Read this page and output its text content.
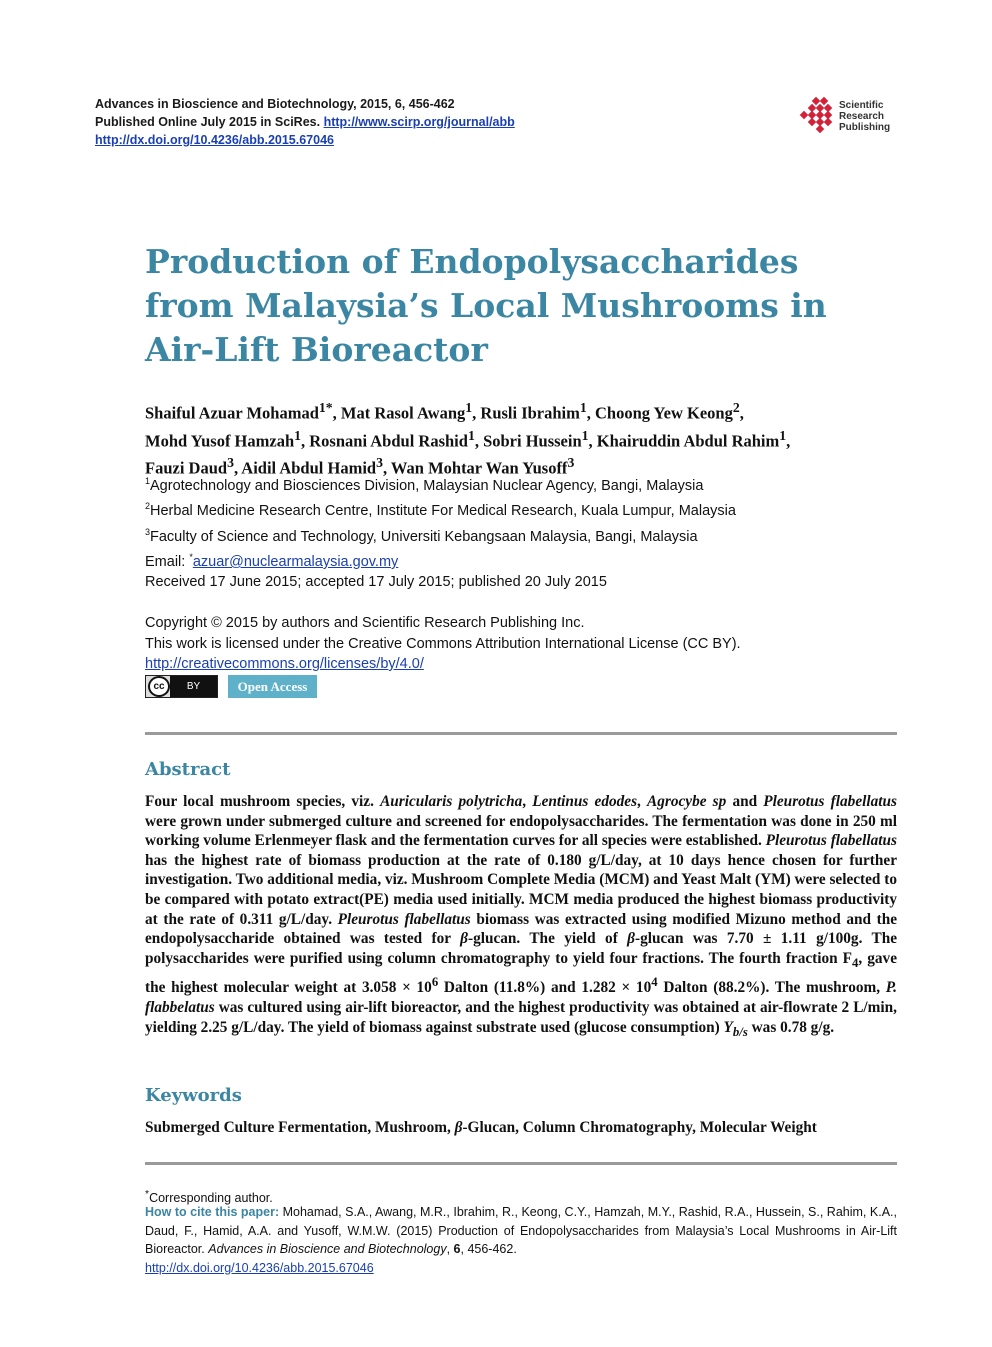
Advances in Bioscience and Biotechnology, 2015, 6, 456-462
Published Online July 2015 in SciRes. http://www.scirp.org/journal/abb
http://dx.doi.org/10.4236/abb.2015.67046
Scientific
Research
Publishing
Production of Endopolysaccharides from Malaysia’s Local Mushrooms in Air-Lift Bioreactor
Shaiful Azuar Mohamad$^{1*}$, Mat Rasol Awang$^1$, Rusli Ibrahim$^1$, Choong Yew Keong$^2$,
Mohd Yusof Hamzah$^1$, Rosnani Abdul Rashid$^1$, Sobri Hussein$^1$, Khairuddin Abdul Rahim$^1$,
Fauzi Daud$^3$, Aidil Abdul Hamid$^3$, Wan Mohtar Wan Yusoff$^3$
$^1$Agrotechnology and Biosciences Division, Malaysian Nuclear Agency, Bangi, Malaysia
$^2$Herbal Medicine Research Centre, Institute For Medical Research, Kuala Lumpur, Malaysia
$^3$Faculty of Science and Technology, Universiti Kebangsaan Malaysia, Bangi, Malaysia
Email: *azuar@nuclearmalaysia.gov.my
Received 17 June 2015; accepted 17 July 2015; published 20 July 2015
Copyright © 2015 by authors and Scientific Research Publishing Inc.
This work is licensed under the Creative Commons Attribution International License (CC BY).
http://creativecommons.org/licenses/by/4.0/
cc	BY	Open Access
Abstract
Four local mushroom species, viz. Auricularis polytricha, Lentinus edodes, Agrocybe sp and Pleurotus flabellatus were grown under submerged culture and screened for endopolysaccharides. The fermentation was done in 250 ml working volume Erlenmeyer flask and the fermentation curves for all species were established. Pleurotus flabellatus has the highest rate of biomass production at the rate of 0.180 g/L/day, at 10 days hence chosen for further investigation. Two additional media, viz. Mushroom Complete Media (MCM) and Yeast Malt (YM) were selected to be compared with potato extract(PE) media used initially. MCM media produced the highest biomass productivity at the rate of 0.311 g/L/day. Pleurotus flabellatus biomass was extracted using modified Mizuno method and the endopolysaccharide obtained was tested for β-glucan. The yield of β-glucan was 7.70 ± 1.11 g/100g. The polysaccharides were purified using column chromatography to yield four fractions. The fourth fraction $F_4$, gave the highest molecular weight at $3.058 \times 10^6$ Dalton (11.8%) and $1.282 \times 10^4$ Dalton (88.2%). The mushroom, P. flabbelatus was cultured using air-lift bioreactor, and the highest productivity was obtained at air-flowrate 2 L/min, yielding 2.25 g/L/day. The yield of biomass against substrate used (glucose consumption) $Y_{b/s}$ was 0.78 g/g.
Keywords
Submerged Culture Fermentation, Mushroom, β-Glucan, Column Chromatography, Molecular Weight
*Corresponding author.
How to cite this paper: Mohamad, S.A., Awang, M.R., Ibrahim, R., Keong, C.Y., Hamzah, M.Y., Rashid, R.A., Hussein, S., Rahim, K.A., Daud, F., Hamid, A.A. and Yusoff, W.M.W. (2015) Production of Endopolysaccharides from Malaysia’s Local Mushrooms in Air-Lift Bioreactor. Advances in Bioscience and Biotechnology, 6, 456-462.
http://dx.doi.org/10.4236/abb.2015.67046
